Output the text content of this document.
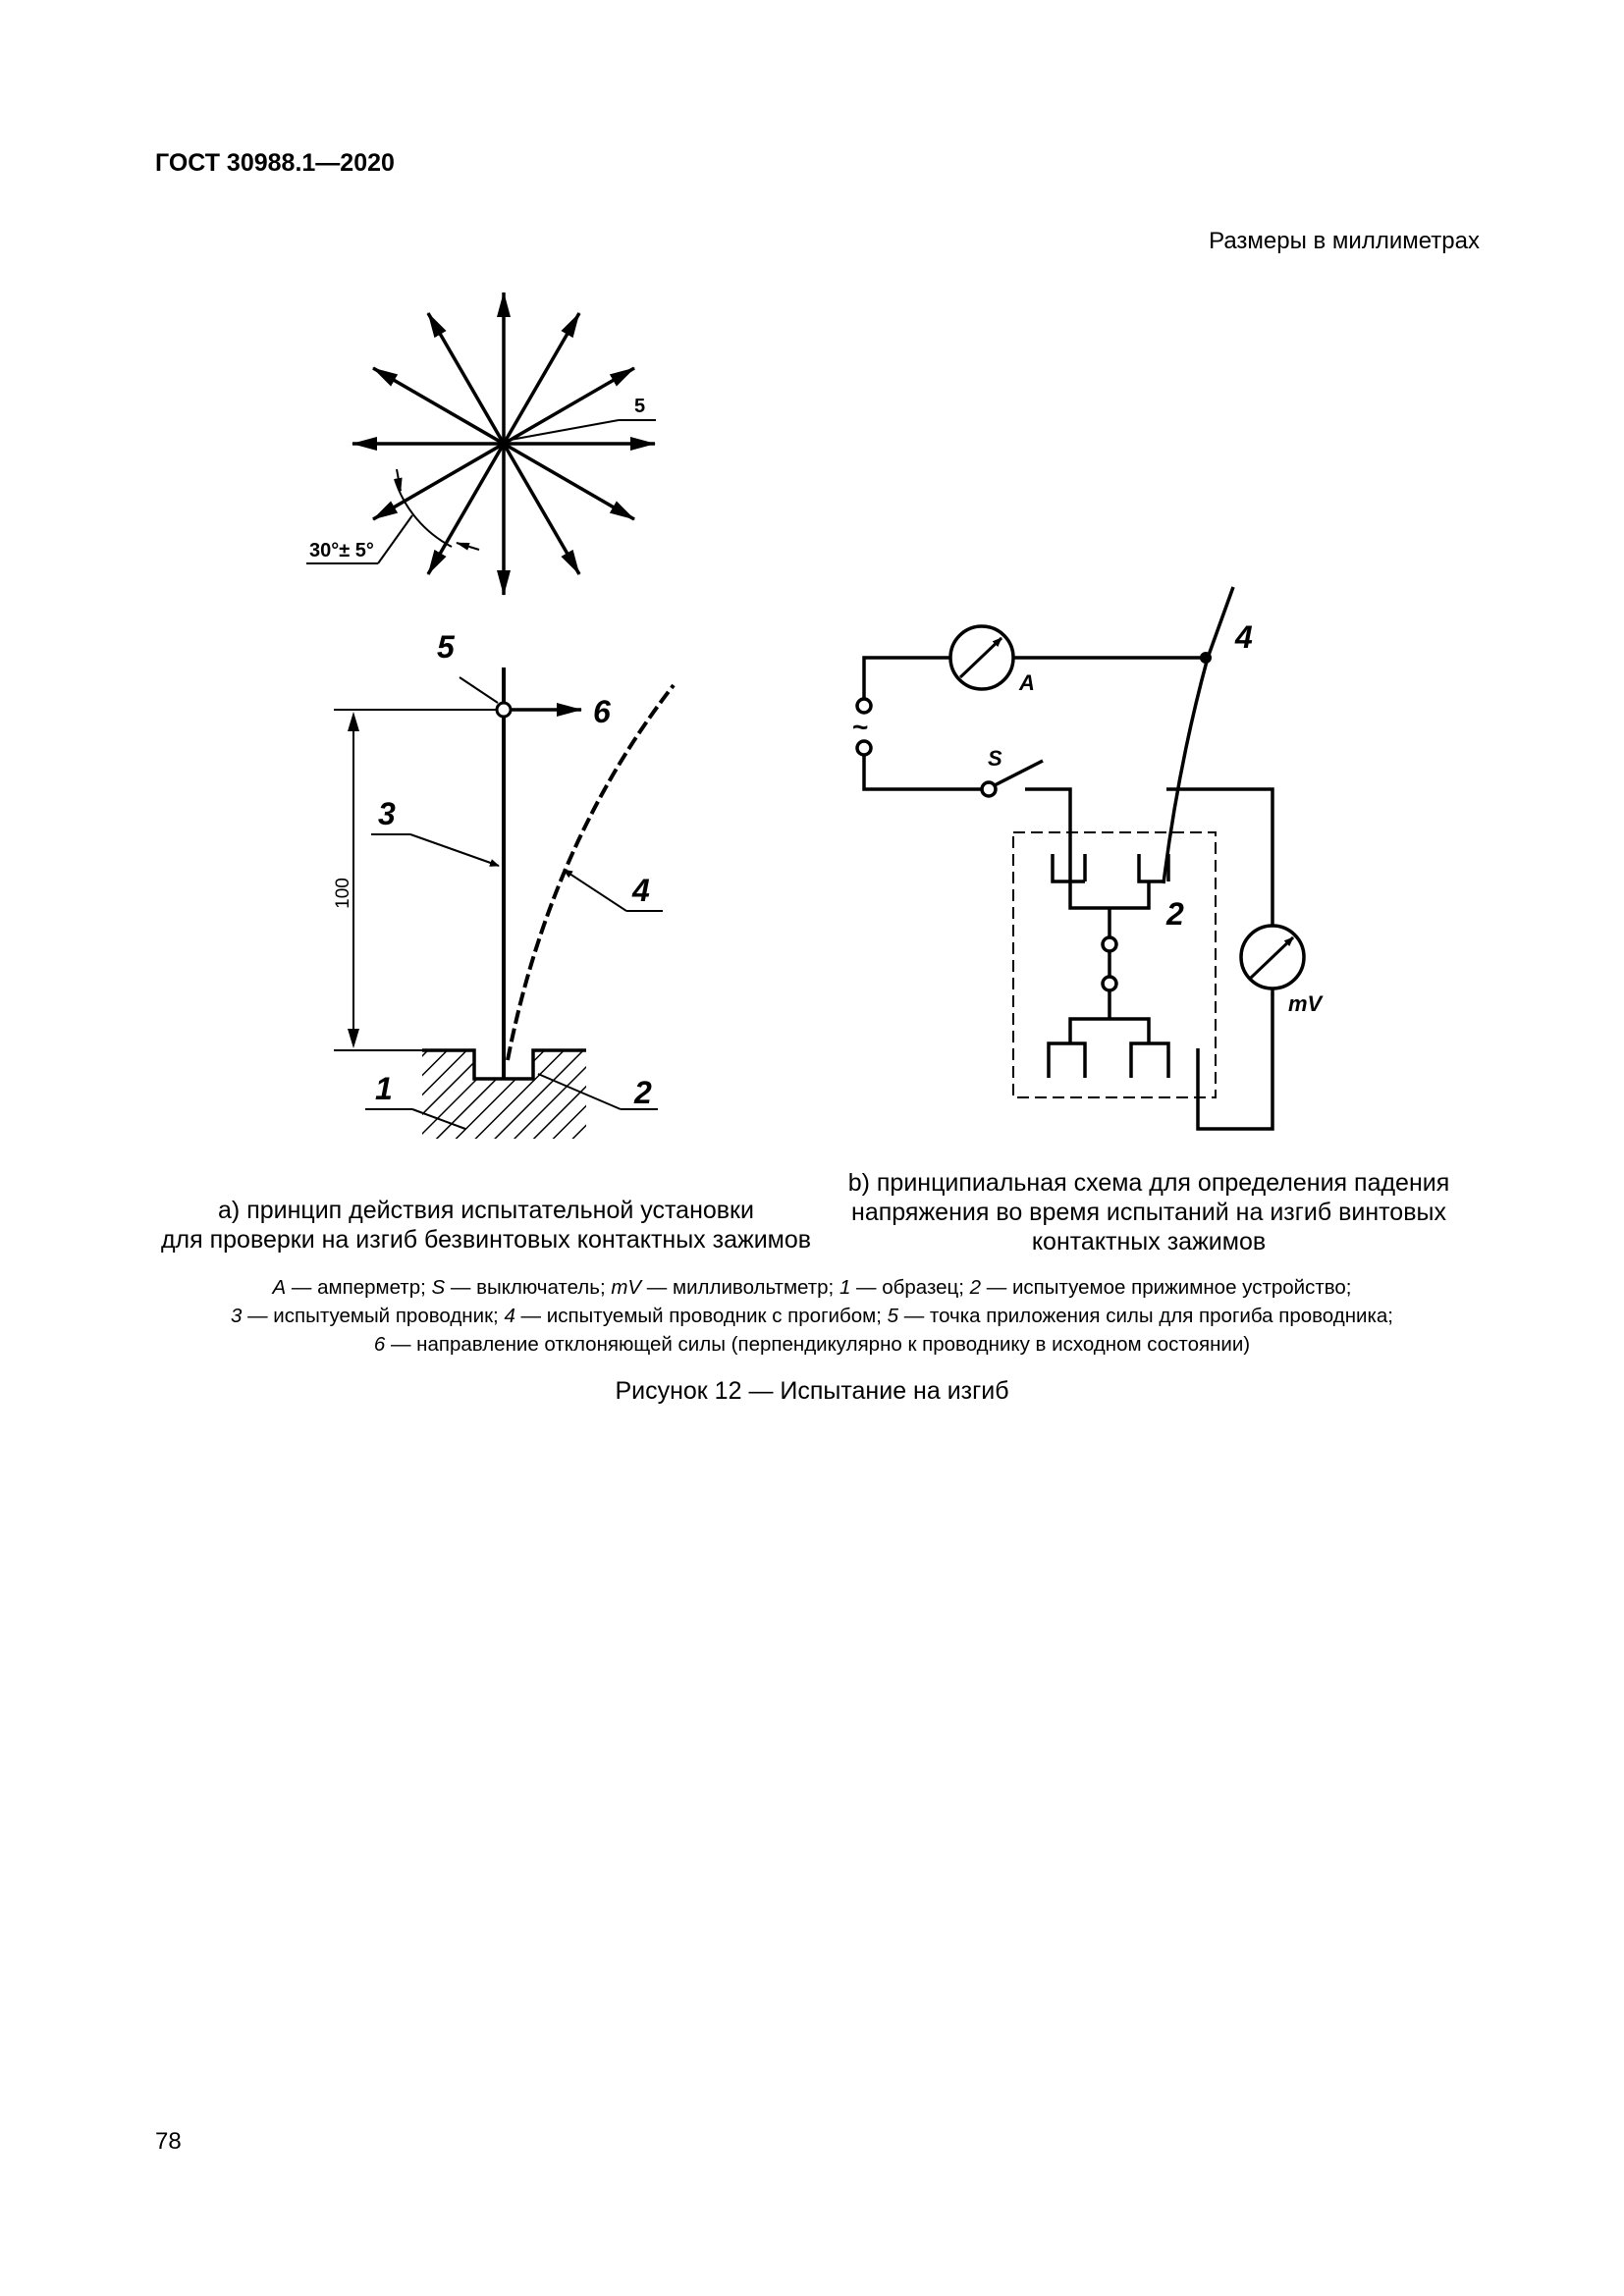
ГОСТ 30988.1—2020
Размеры в миллиметрах
5
30°± 5°
100
5
6
3
4
1	2
A
S
mV
2
4
~
а) принцип действия испытательной установки
для проверки на изгиб безвинтовых контактных зажимов
b) принципиальная схема для определения падения
напряжения во время испытаний на изгиб винтовых
контактных зажимов
A — амперметр; S — выключатель; mV — милливольтметр; 1 — образец; 2 — испытуемое прижимное устройство;
3 — испытуемый проводник; 4 — испытуемый проводник с прогибом; 5 — точка приложения силы для прогиба проводника;
6 — направление отклоняющей силы (перпендикулярно к проводнику в исходном состоянии)
Рисунок 12 — Испытание на изгиб
78
